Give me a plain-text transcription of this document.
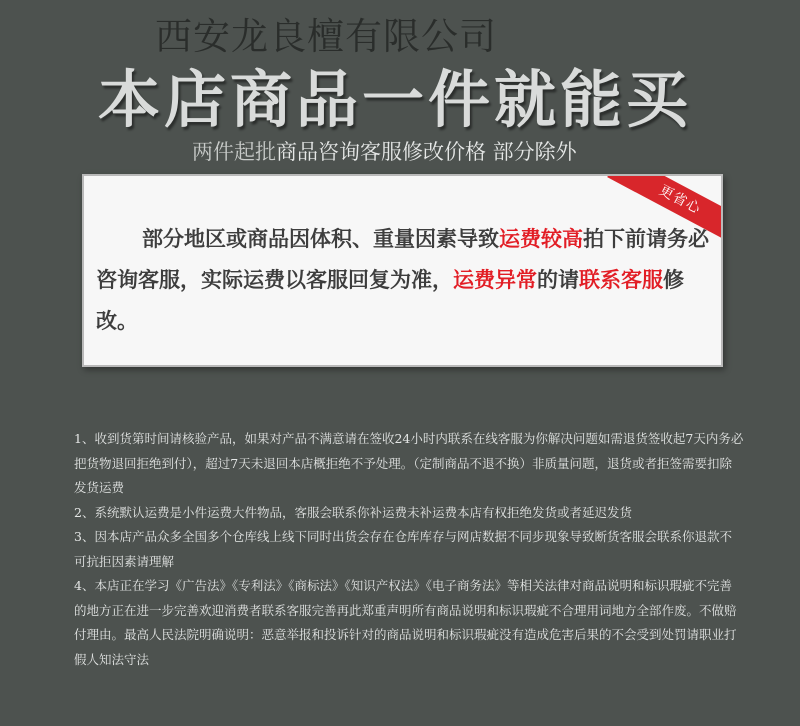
西安龙良檀有限公司
本店商品一件就能买
两件起批商品咨询客服修改价格 部分除外
更省心
部分地区或商品因体积、重量因素导致运费较高拍下前请务必咨询客服，实际运费以客服回复为准，运费异常的请联系客服修改。

1、收到货第时间请核验产品，如果对产品不满意请在签收24小时内联系在线客服为你解决问题如需退货签收起7天内务必把货物退回拒绝到付），超过7天未退回本店概拒绝不予处理。（定制商品不退不换）非质量问题，退货或者拒签需要扣除发货运费

2、系统默认运费是小件运费大件物品，客服会联系你补运费未补运费本店有权拒绝发货或者延迟发货

3、因本店产品众多全国多个仓库线上线下同时出货会存在仓库库存与网店数据不同步现象导致断货客服会联系你退款不可抗拒因素请理解

4、本店正在学习《广告法》《专利法》《商标法》《知识产权法》《电子商务法》等相关法律对商品说明和标识瑕疵不完善的地方正在进一步完善欢迎消费者联系客服完善再此郑重声明所有商品说明和标识瑕疵不合理用词地方全部作废。不做赔付理由。最高人民法院明确说明：恶意举报和投诉针对的商品说明和标识瑕疵没有造成危害后果的不会受到处罚请职业打假人知法守法
